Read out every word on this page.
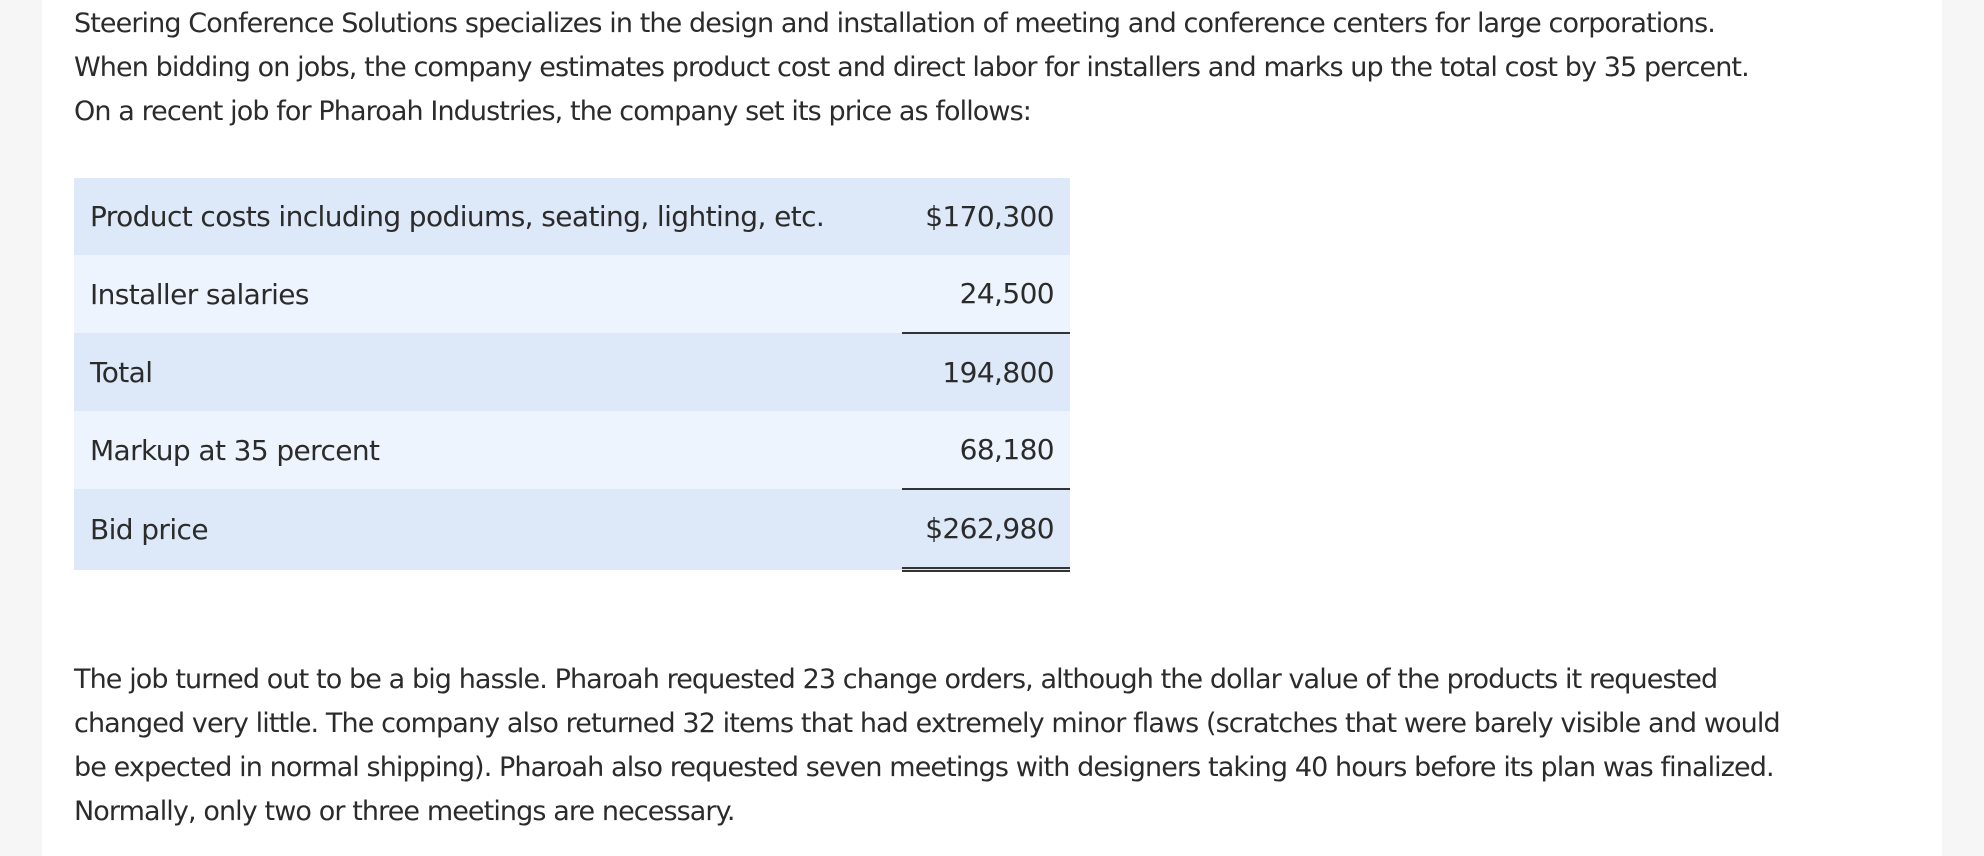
Steering Conference Solutions specializes in the design and installation of meeting and conference centers for large corporations.
When bidding on jobs, the company estimates product cost and direct labor for installers and marks up the total cost by 35 percent.
On a recent job for Pharoah Industries, the company set its price as follows:

Product costs including podiums, seating, lighting, etc.	$170,300
Installer salaries	24,500
Total	194,800
Markup at 35 percent	68,180
Bid price	$262,980

The job turned out to be a big hassle. Pharoah requested 23 change orders, although the dollar value of the products it requested
changed very little. The company also returned 32 items that had extremely minor flaws (scratches that were barely visible and would
be expected in normal shipping). Pharoah also requested seven meetings with designers taking 40 hours before its plan was finalized.
Normally, only two or three meetings are necessary.
